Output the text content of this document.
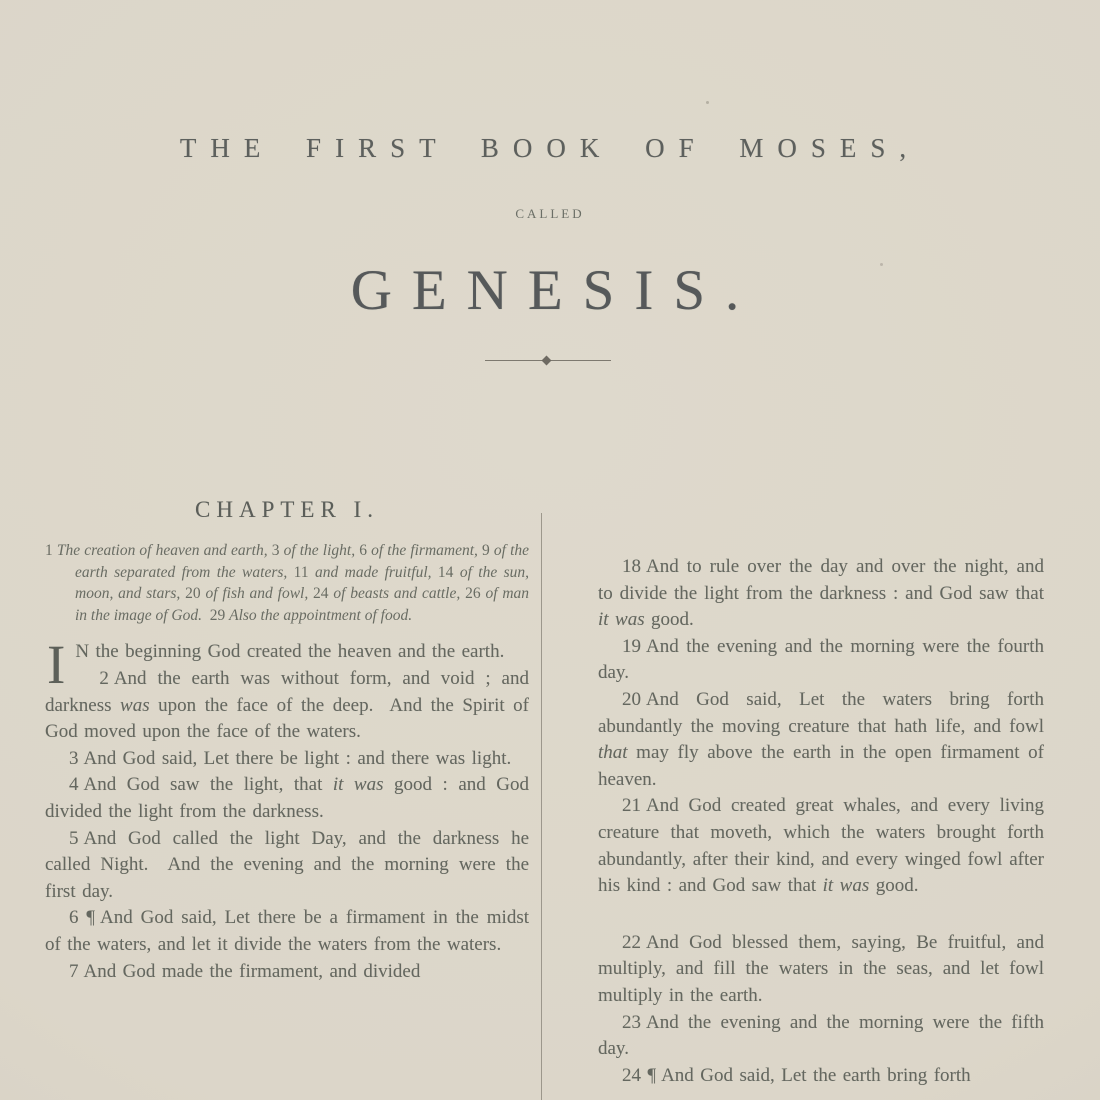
THE FIRST BOOK OF MOSES,
CALLED
GENESIS.
CHAPTER I.

1 The creation of heaven and earth, 3 of the light, 6 of the firmament, 9 of the earth separated from the waters, 11 and made fruitful, 14 of the sun, moon, and stars, 20 of fish and fowl, 24 of beasts and cattle, 26 of man in the image of God.  29 Also the appointment of food.

I N the beginning God created the heaven and the earth.

2 And the earth was without form, and void ; and darkness was upon the face of the deep.  And the Spirit of God moved upon the face of the waters.

3 And God said, Let there be light : and there was light.

4 And God saw the light, that it was good : and God divided the light from the darkness.

5 And God called the light Day, and the darkness he called Night.  And the evening and the morning were the first day.

6 ¶ And God said, Let there be a firmament in the midst of the waters, and let it divide the waters from the waters.

7 And God made the firmament, and divided

18 And to rule over the day and over the night, and to divide the light from the darkness : and God saw that it was good.

19 And the evening and the morning were the fourth day.

20 And God said, Let the waters bring forth abundantly the moving creature that hath life, and fowl that may fly above the earth in the open firmament of heaven.

21 And God created great whales, and every living creature that moveth, which the waters brought forth abundantly, after their kind, and every winged fowl after his kind : and God saw that it was good.

22 And God blessed them, saying, Be fruitful, and multiply, and fill the waters in the seas, and let fowl multiply in the earth.

23 And the evening and the morning were the fifth day.

24 ¶ And God said, Let the earth bring forth
